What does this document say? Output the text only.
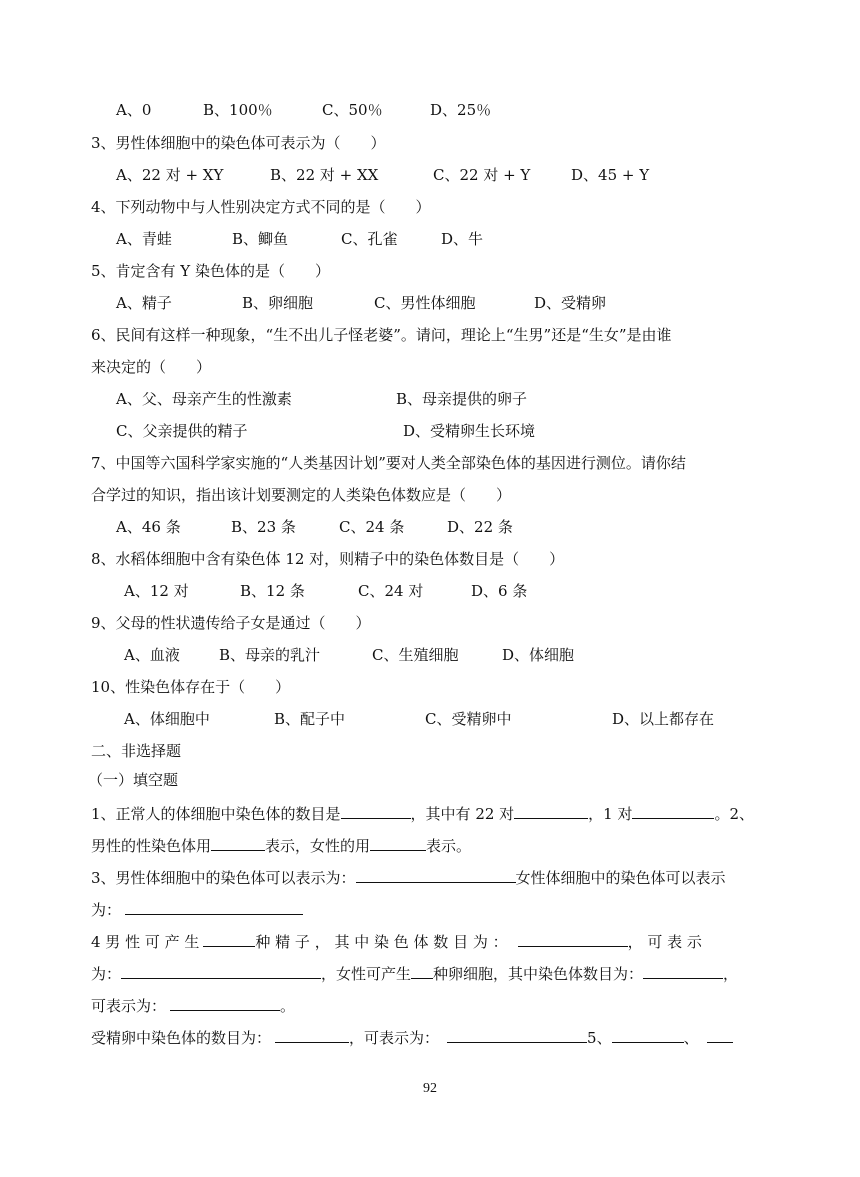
A、0	B、100％	C、50％	D、25％
3、男性体细胞中的染色体可表示为（　　）
A、22 对 + XY	B、22 对 + XX	C、22 对 + Y	D、45 + Y
4、下列动物中与人性别决定方式不同的是（　　）
A、青蛙	B、鲫鱼	C、孔雀	D、牛
5、肯定含有 Y 染色体的是（　　）
A、精子	B、卵细胞	C、男性体细胞	D、受精卵
6、民间有这样一种现象，“生不出儿子怪老婆”。请问，理论上“生男”还是“生女”是由谁
来决定的（　　）
A、父、母亲产生的性激素	B、母亲提供的卵子
C、父亲提供的精子	D、受精卵生长环境
7、中国等六国科学家实施的“人类基因计划”要对人类全部染色体的基因进行测位。请你结
合学过的知识，指出该计划要测定的人类染色体数应是（　　）
A、46 条	B、23 条	C、24 条	D、22 条
8、水稻体细胞中含有染色体 12 对，则精子中的染色体数目是（　　）
A、12 对	B、12 条	C、24 对	D、6 条
9、父母的性状遗传给子女是通过（　　）
A、血液	B、母亲的乳汁	C、生殖细胞	D、体细胞
10、性染色体存在于（　　）
A、体细胞中	B、配子中	C、受精卵中	D、以上都存在
二、非选择题
（一）填空题
1、正常人的体细胞中染色体的数目是	，其中有 22 对	，1 对	。2、
男性的性染色体用	表示，女性的用	表示。
3、男性体细胞中的染色体可以表示为：	女性体细胞中的染色体可以表示
为：
4 男 性 可 产 生	种 精 子 ， 其 中 染 色 体 数 目 为 ：	， 可 表 示
为：	，女性可产生 种卵细胞，其中染色体数目为：	，
可表示为：	。
受精卵中染色体的数目为：	，可表示为：	5、	、
92
